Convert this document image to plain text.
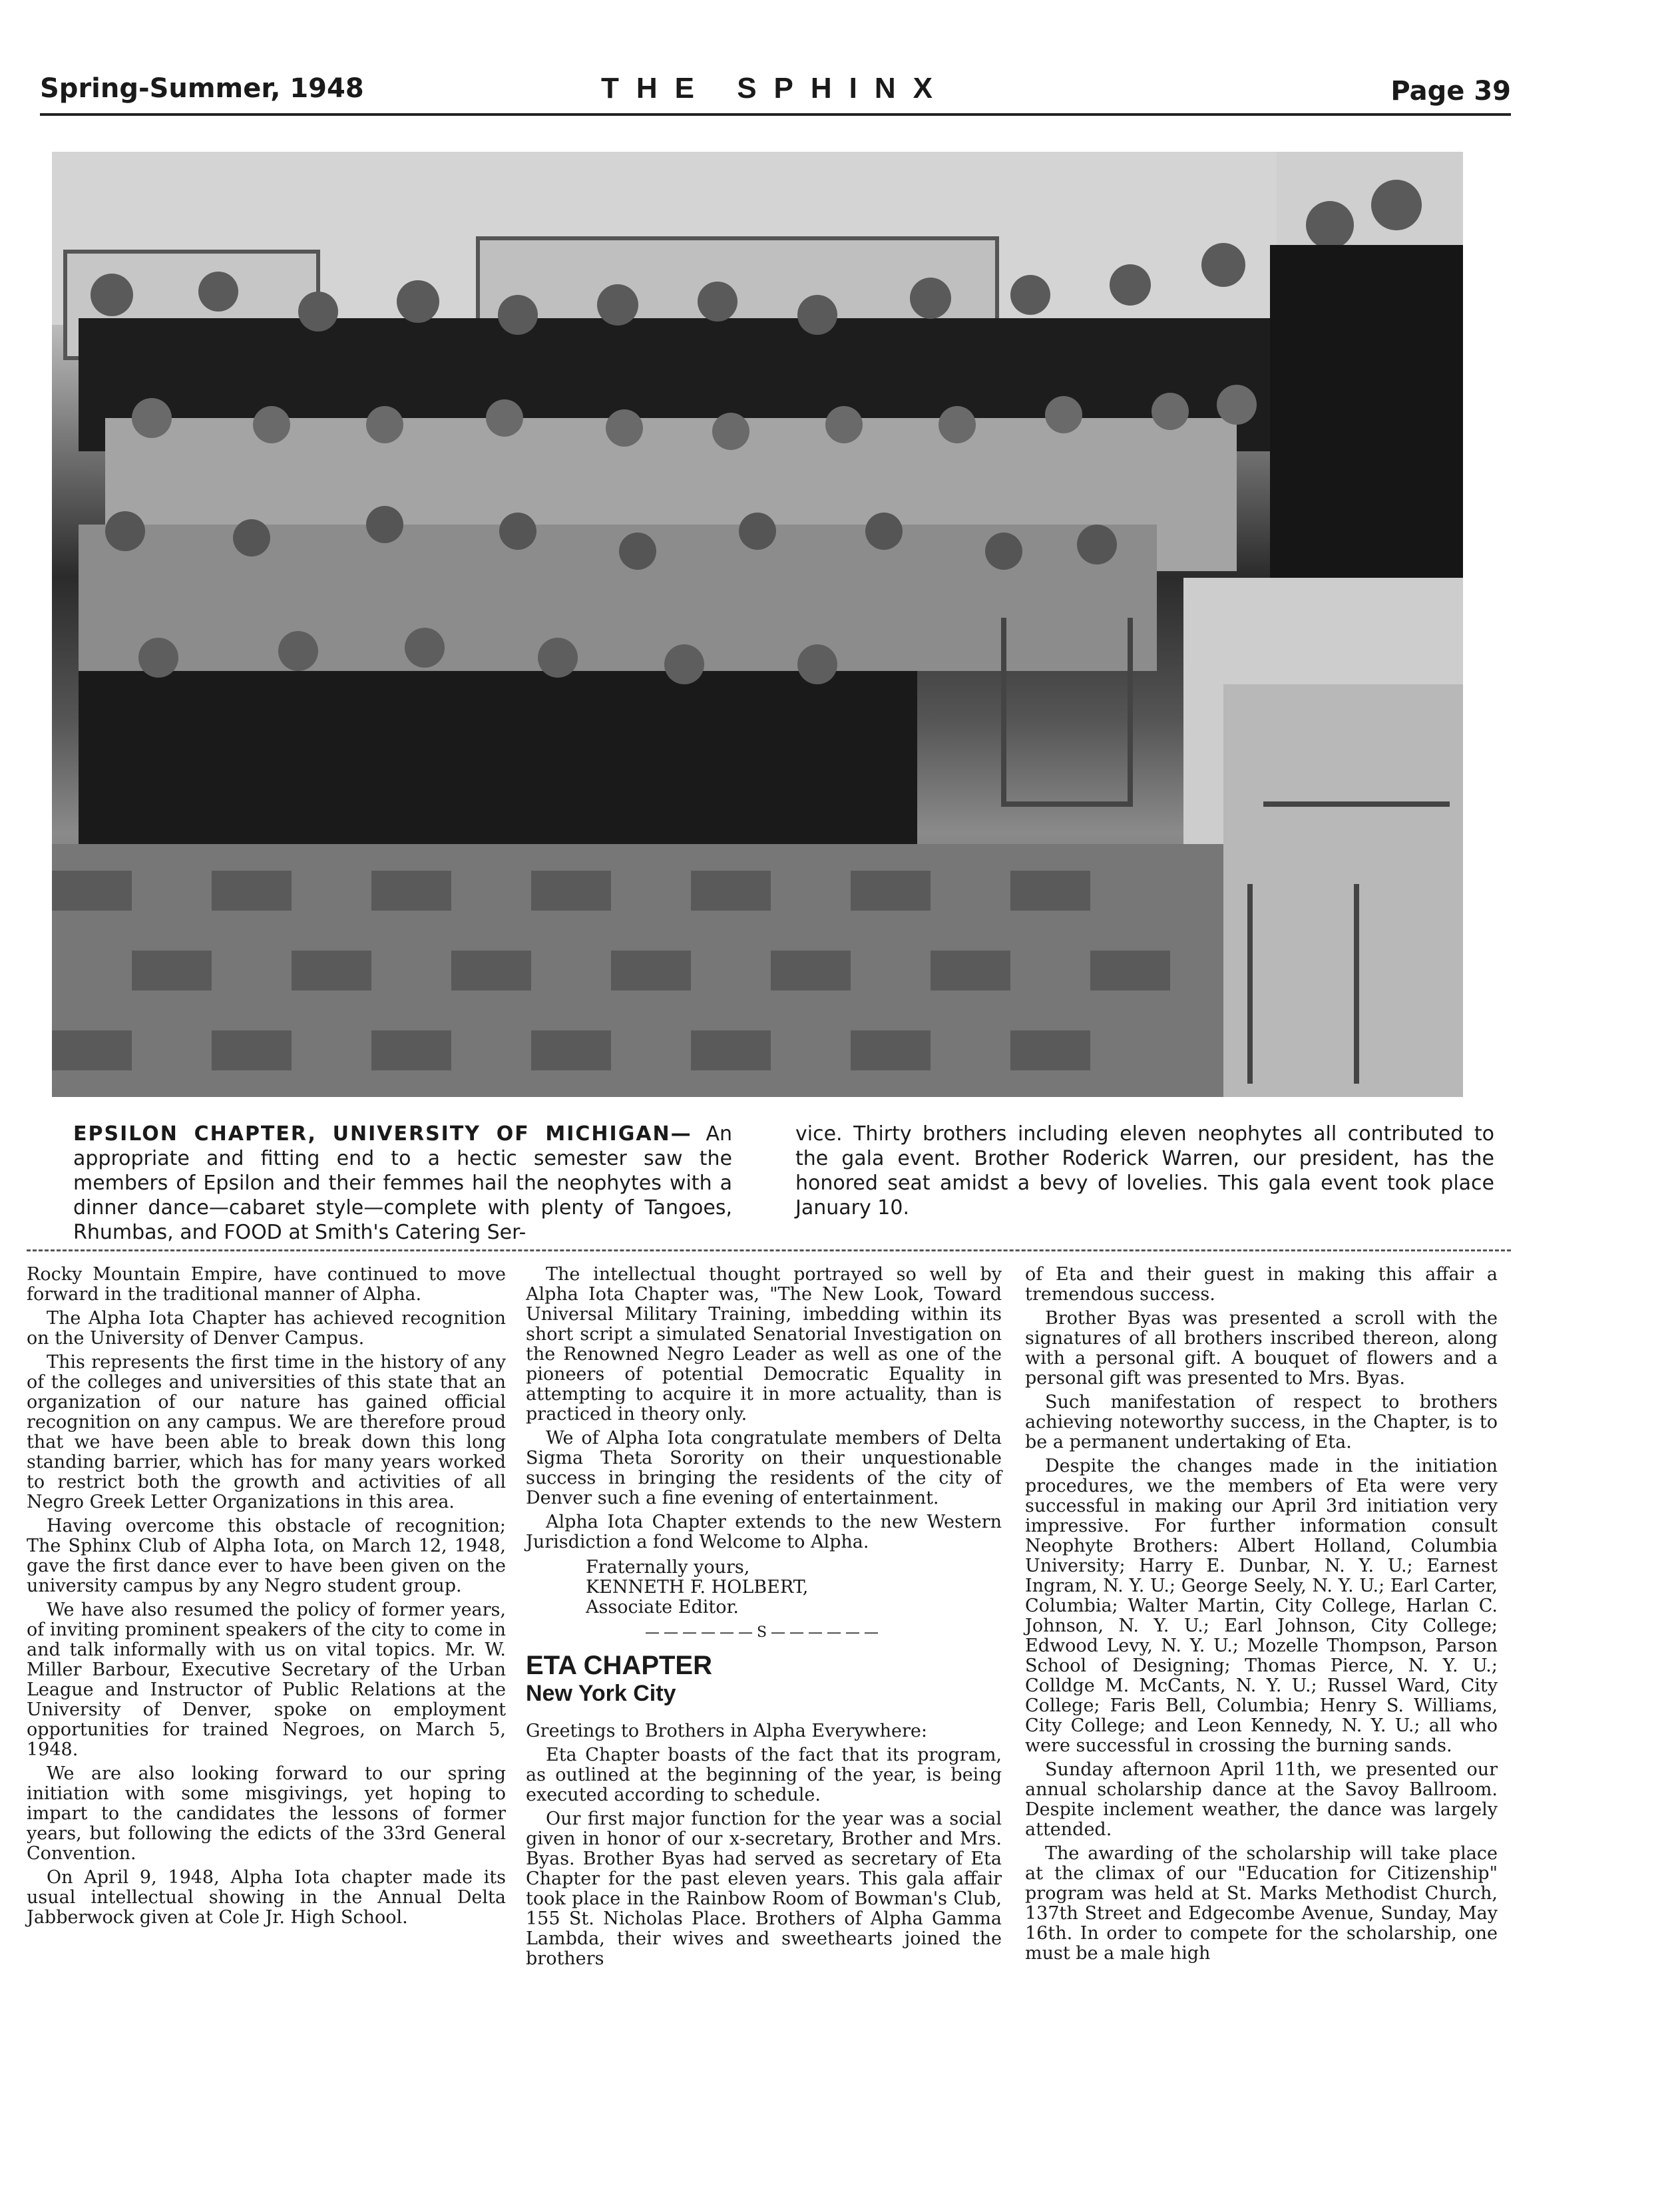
Spring-Summer, 1948	THE SPHINX	Page 39
EPSILON CHAPTER, UNIVERSITY OF MICHIGAN— An appropriate and fitting end to a hectic semester saw the members of Epsilon and their femmes hail the neophytes with a dinner dance—cabaret style—complete with plenty of Tangoes, Rhumbas, and FOOD at Smith's Catering Ser-
vice. Thirty brothers including eleven neophytes all contributed to the gala event. Brother Roderick Warren, our president, has the honored seat amidst a bevy of lovelies. This gala event took place January 10.

Rocky Mountain Empire, have continued to move forward in the traditional manner of Alpha.

The Alpha Iota Chapter has achieved recognition on the University of Denver Campus.

This represents the first time in the history of any of the colleges and universities of this state that an organization of our nature has gained official recognition on any campus. We are therefore proud that we have been able to break down this long standing barrier, which has for many years worked to restrict both the growth and activities of all Negro Greek Letter Organizations in this area.

Having overcome this obstacle of recognition; The Sphinx Club of Alpha Iota, on March 12, 1948, gave the first dance ever to have been given on the university campus by any Negro student group.

We have also resumed the policy of former years, of inviting prominent speakers of the city to come in and talk informally with us on vital topics. Mr. W. Miller Barbour, Executive Secretary of the Urban League and Instructor of Public Relations at the University of Denver, spoke on employment opportunities for trained Negroes, on March 5, 1948.

We are also looking forward to our spring initiation with some misgivings, yet hoping to impart to the candidates the lessons of former years, but following the edicts of the 33rd General Convention.

On April 9, 1948, Alpha Iota chapter made its usual intellectual showing in the Annual Delta Jabberwock given at Cole Jr. High School.

The intellectual thought portrayed so well by Alpha Iota Chapter was, "The New Look, Toward Universal Military Training, imbedding within its short script a simulated Senatorial Investigation on the Renowned Negro Leader as well as one of the pioneers of potential Democratic Equality in attempting to acquire it in more actuality, than is practiced in theory only.

We of Alpha Iota congratulate members of Delta Sigma Theta Sorority on their unquestionable success in bringing the residents of the city of Denver such a fine evening of entertainment.

Alpha Iota Chapter extends to the new Western Jurisdiction a fond Welcome to Alpha.

Fraternally yours,
KENNETH F. HOLBERT,
Associate Editor.
——————S——————
ETA CHAPTER
New York City

Greetings to Brothers in Alpha Everywhere:

Eta Chapter boasts of the fact that its program, as outlined at the beginning of the year, is being executed according to schedule.

Our first major function for the year was a social given in honor of our x-secretary, Brother and Mrs. Byas. Brother Byas had served as secretary of Eta Chapter for the past eleven years. This gala affair took place in the Rainbow Room of Bowman's Club, 155 St. Nicholas Place. Brothers of Alpha Gamma Lambda, their wives and sweethearts joined the brothers

of Eta and their guest in making this affair a tremendous success.

Brother Byas was presented a scroll with the signatures of all brothers inscribed thereon, along with a personal gift. A bouquet of flowers and a personal gift was presented to Mrs. Byas.

Such manifestation of respect to brothers achieving noteworthy success, in the Chapter, is to be a permanent undertaking of Eta.

Despite the changes made in the initiation procedures, we the members of Eta were very successful in making our April 3rd initiation very impressive. For further information consult Neophyte Brothers: Albert Holland, Columbia University; Harry E. Dunbar, N. Y. U.; Earnest Ingram, N. Y. U.; George Seely, N. Y. U.; Earl Carter, Columbia; Walter Martin, City College, Harlan C. Johnson, N. Y. U.; Earl Johnson, City College; Edwood Levy, N. Y. U.; Mozelle Thompson, Parson School of Designing; Thomas Pierce, N. Y. U.; Colldge M. McCants, N. Y. U.; Russel Ward, City College; Faris Bell, Columbia; Henry S. Williams, City College; and Leon Kennedy, N. Y. U.; all who were successful in crossing the burning sands.

Sunday afternoon April 11th, we presented our annual scholarship dance at the Savoy Ballroom. Despite inclement weather, the dance was largely attended.

The awarding of the scholarship will take place at the climax of our "Education for Citizenship" program was held at St. Marks Methodist Church, 137th Street and Edgecombe Avenue, Sunday, May 16th. In order to compete for the scholarship, one must be a male high
